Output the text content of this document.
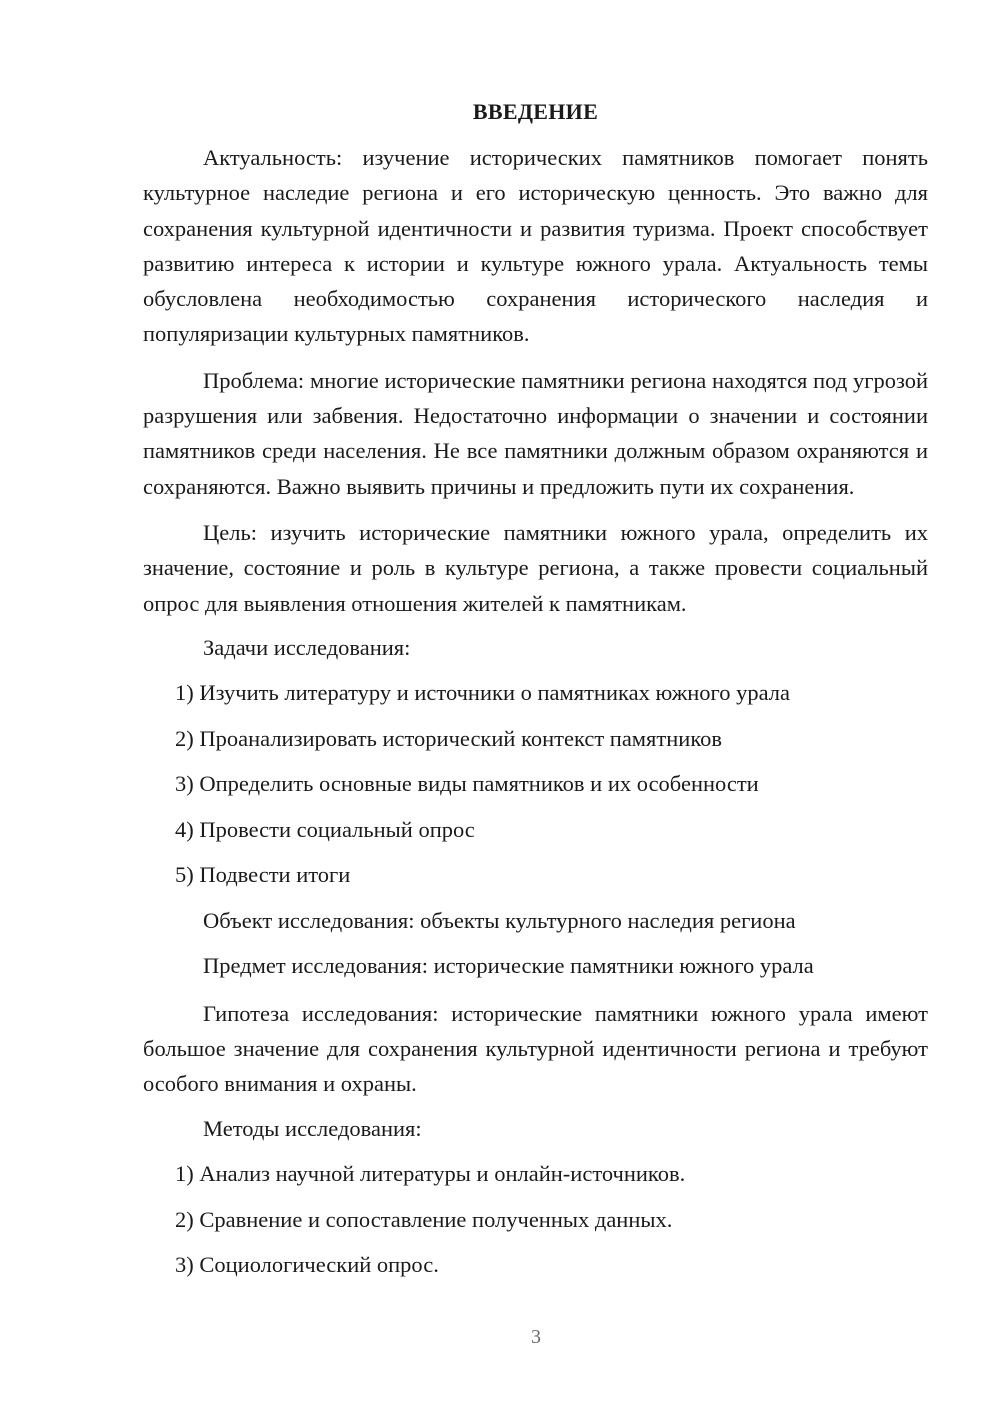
ВВЕДЕНИЕ

Актуальность: изучение исторических памятников помогает понять культурное наследие региона и его историческую ценность. Это важно для сохранения культурной идентичности и развития туризма. Проект способствует развитию интереса к истории и культуре южного урала. Актуальность темы обусловлена необходимостью сохранения исторического наследия и популяризации культурных памятников.

Проблема: многие исторические памятники региона находятся под угрозой разрушения или забвения. Недостаточно информации о значении и состоянии памятников среди населения. Не все памятники должным образом охраняются и сохраняются. Важно выявить причины и предложить пути их сохранения.

Цель: изучить исторические памятники южного урала, определить их значение, состояние и роль в культуре региона, а также провести социальный опрос для выявления отношения жителей к памятникам.

Задачи исследования:
1) Изучить литературу и источники о памятниках южного урала
2) Проанализировать исторический контекст памятников
3) Определить основные виды памятников и их особенности
4) Провести социальный опрос
5) Подвести итоги
Объект исследования: объекты культурного наследия региона
Предмет исследования: исторические памятники южного урала

Гипотеза исследования: исторические памятники южного урала имеют большое значение для сохранения культурной идентичности региона и требуют особого внимания и охраны.

Методы исследования:
1) Анализ научной литературы и онлайн-источников.
2) Сравнение и сопоставление полученных данных.
3) Социологический опрос.
3
